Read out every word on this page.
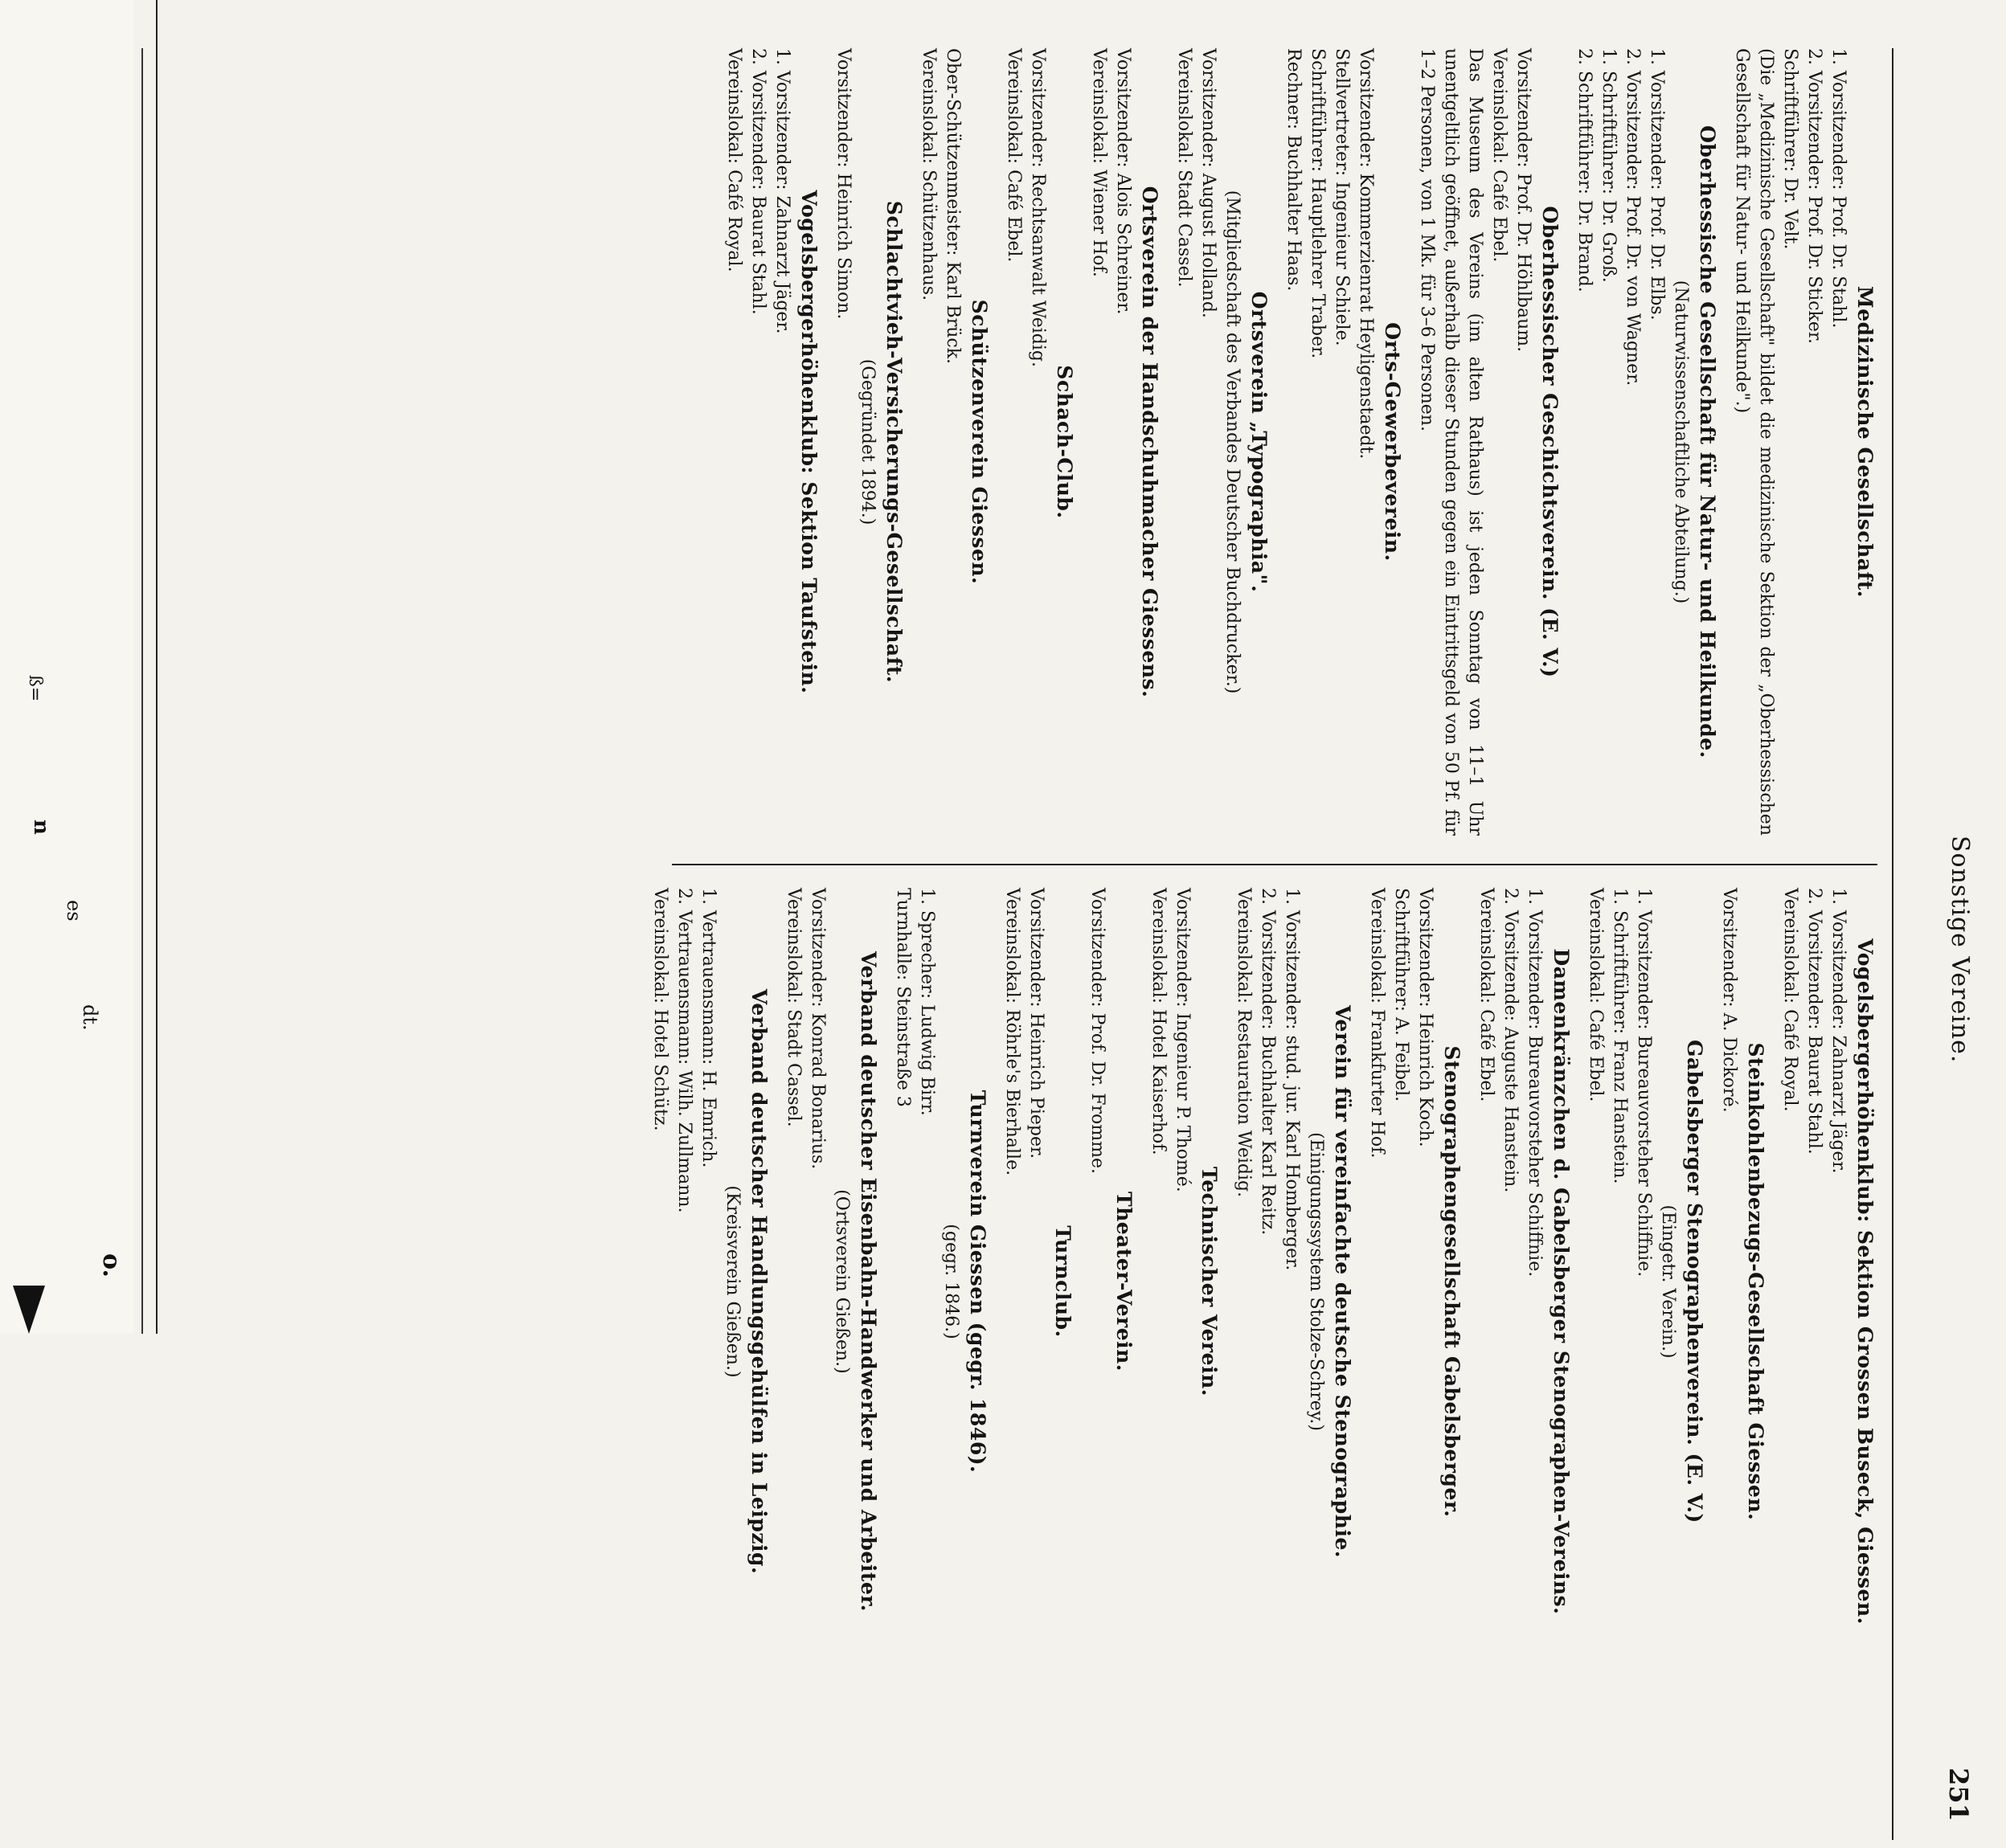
Sonstige Vereine.
251
Medizinische Gesellschaft.
1. Vorsitzender: Prof. Dr. Stahl.
2. Vorsitzender: Prof. Dr. Sticker.
Schriftführer: Dr. Velt.
(Die „Medizinische Gesellschaft" bildet die medizinische Sektion der „Oberhessischen Gesellschaft für Natur- und Heilkunde".)
Oberhessische Gesellschaft für Natur- und Heilkunde.
(Naturwissenschaftliche Abteilung.)
1. Vorsitzender: Prof. Dr. Elbs.
2. Vorsitzender: Prof. Dr. von Wagner.
1. Schriftführer: Dr. Groß.
2. Schriftführer: Dr. Brand.
Oberhessischer Geschichtsverein. (E. V.)
Vorsitzender: Prof. Dr. Höhlbaum.
Vereinslokal: Café Ebel.
Das Museum des Vereins (im alten Rathaus) ist jeden Sonntag von 11–1 Uhr unentgeltlich geöffnet, außerhalb dieser Stunden gegen ein Eintrittsgeld von 50 Pf. für 1–2 Personen, von 1 Mk. für 3–6 Personen.
Orts-Gewerbeverein.
Vorsitzender: Kommerzienrat Heyligenstaedt.
Stellvertreter: Ingenieur Schiele.
Schriftführer: Hauptlehrer Traber.
Rechner: Buchhalter Haas.
Ortsverein „Typographia".
(Mitgliedschaft des Verbandes Deutscher Buchdrucker.)
Vorsitzender: August Holland.
Vereinslokal: Stadt Cassel.
Ortsverein der Handschuhmacher Giessens.
Vorsitzender: Alois Schreiner.
Vereinslokal: Wiener Hof.
Schach-Club.
Vorsitzender: Rechtsanwalt Weidig.
Vereinslokal: Café Ebel.
Schützenverein Giessen.
Ober-Schützenmeister: Karl Brück.
Vereinslokal: Schützenhaus.
Schlachtvieh-Versicherungs-Gesellschaft.
(Gegründet 1894.)
Vorsitzender: Heinrich Simon.
Vogelsbergerhöhenklub: Sektion Taufstein.
1. Vorsitzender: Zahnarzt Jäger.
2. Vorsitzender: Baurat Stahl.
Vereinslokal: Café Royal.
Vogelsbergerhöhenklub: Sektion Grossen Buseck, Giessen.
1. Vorsitzender: Zahnarzt Jäger.
2. Vorsitzender: Baurat Stahl.
Vereinslokal: Café Royal.
Steinkohlenbezugs-Gesellschaft Giessen.
Vorsitzender: A. Dickoré.
Gabelsberger Stenographenverein. (E. V.)
(Eingetr. Verein.)
1. Vorsitzender: Bureauvorsteher Schiffnie.
1. Schriftführer: Franz Hanstein.
Vereinslokal: Café Ebel.
Damenkränzchen d. Gabelsberger Stenographen-Vereins.
1. Vorsitzender: Bureauvorsteher Schiffnie.
2. Vorsitzende: Auguste Hanstein.
Vereinslokal: Café Ebel.
Stenographengesellschaft Gabelsberger.
Vorsitzender: Heinrich Koch.
Schriftführer: A. Feibel.
Vereinslokal: Frankfurter Hof.
Verein für vereinfachte deutsche Stenographie.
(Einigungssystem Stolze-Schrey.)
1. Vorsitzender: stud. jur. Karl Homberger.
2. Vorsitzender: Buchhalter Karl Reitz.
Vereinslokal: Restauration Weidig.
Technischer Verein.
Vorsitzender: Ingenieur P. Thomé.
Vereinslokal: Hotel Kaiserhof.
Theater-Verein.
Vorsitzender: Prof. Dr. Fromme.
Turnclub.
Vorsitzender: Heinrich Pieper.
Vereinslokal: Röhrle's Bierhalle.
Turnverein Giessen (gegr. 1846).
(gegr. 1846.)
1. Sprecher: Ludwig Birr.
Turnhalle: Steinstraße 3
Verband deutscher Eisenbahn-Handwerker und Arbeiter.
(Ortsverein Gießen.)
Vorsitzender: Konrad Bonarius.
Vereinslokal: Stadt Cassel.
Verband deutscher Handlungsgehülfen in Leipzig.
(Kreisverein Gießen.)
1. Vertrauensmann: H. Emrich.
2. Vertrauensmann: Wilh. Zullmann.
Vereinslokal: Hotel Schütz.
o.
dt.
es
n
ß=
